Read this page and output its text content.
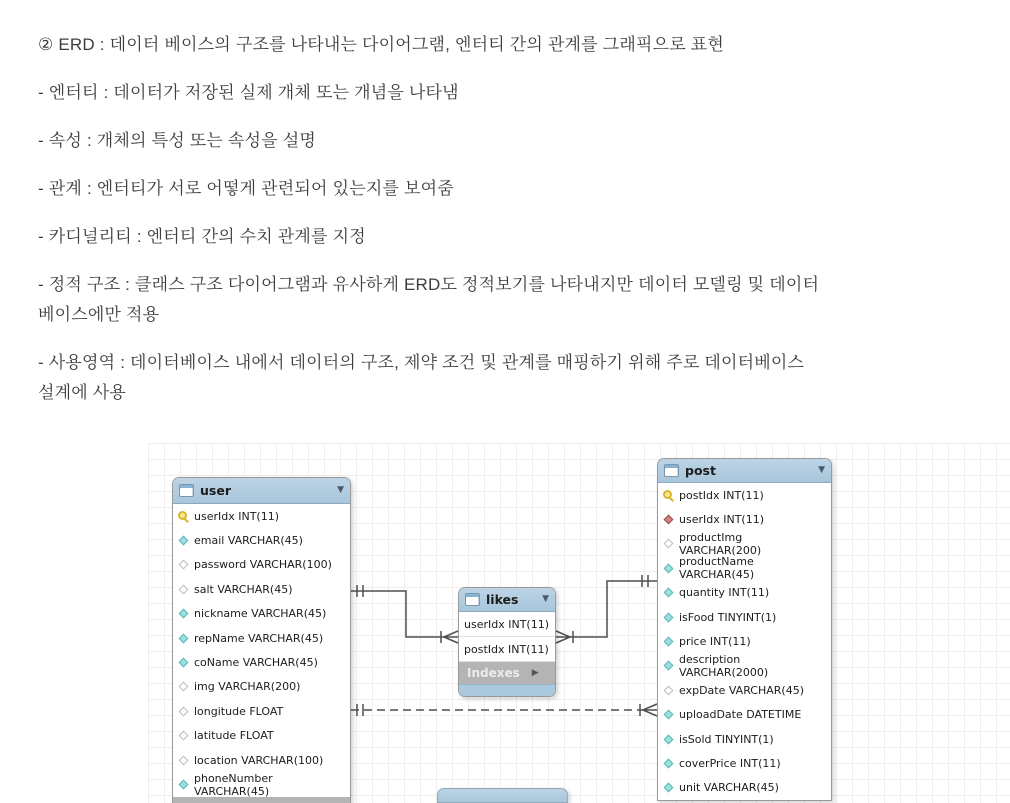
② ERD : 데이터 베이스의 구조를 나타내는 다이어그램, 엔터티 간의 관계를 그래픽으로 표현

- 엔터티 : 데이터가 저장된 실제 개체 또는 개념을 나타냄

- 속성 : 개체의 특성 또는 속성을 설명

- 관계 : 엔터티가 서로 어떻게 관련되어 있는지를 보여줌

- 카디널리티 : 엔터티 간의 수치 관계를 지정

- 정적 구조 : 클래스 구조 다이어그램과 유사하게 ERD도 정적보기를 나타내지만 데이터 모델링 및 데이터
베이스에만 적용

- 사용영역 : 데이터베이스 내에서 데이터의 구조, 제약 조건 및 관계를 매핑하기 위해 주로 데이터베이스
설계에 사용

user	▼
userIdx INT(11)
email VARCHAR(45)
password VARCHAR(100)
salt VARCHAR(45)
nickname VARCHAR(45)
repName VARCHAR(45)
coName VARCHAR(45)
img VARCHAR(200)
longitude FLOAT
latitude FLOAT
location VARCHAR(100)
phoneNumber VARCHAR(45)
likes	▼
userIdx INT(11)
postIdx INT(11)
Indexes ▶
post	▼
postIdx INT(11)
userIdx INT(11)
productImg VARCHAR(200)
productName VARCHAR(45)
quantity INT(11)
isFood TINYINT(1)
price INT(11)
description VARCHAR(2000)
expDate VARCHAR(45)
uploadDate DATETIME
isSold TINYINT(1)
coverPrice INT(11)
unit VARCHAR(45)
